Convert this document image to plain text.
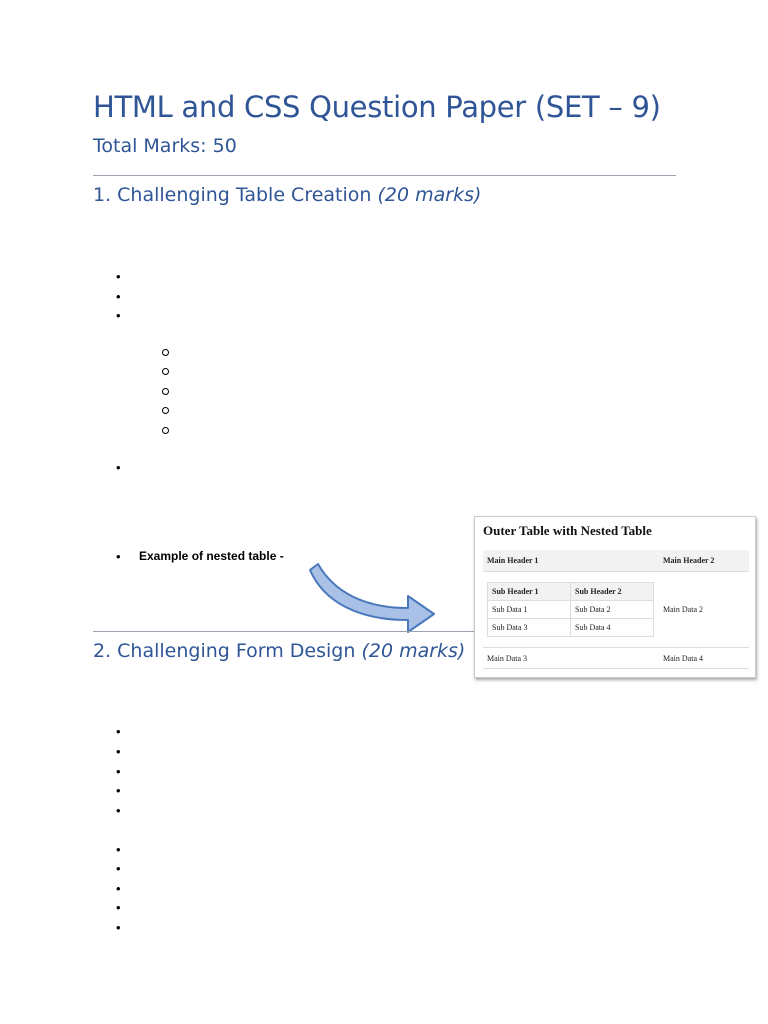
HTML and CSS Question Paper (SET – 9)
Total Marks: 50
1. Challenging Table Creation (20 marks)
•
•
•
•
• Example of nested table -
Outer Table with Nested Table
Main Header 1	Main Header 2

Sub Header 1	Sub Header 2
Sub Data 1	Sub Data 2
Sub Data 3	Sub Data 4
	Main Data 2
Main Data 3	Main Data 4
2. Challenging Form Design (20 marks)
•
•
•
•
•
•
•
•
•
•
